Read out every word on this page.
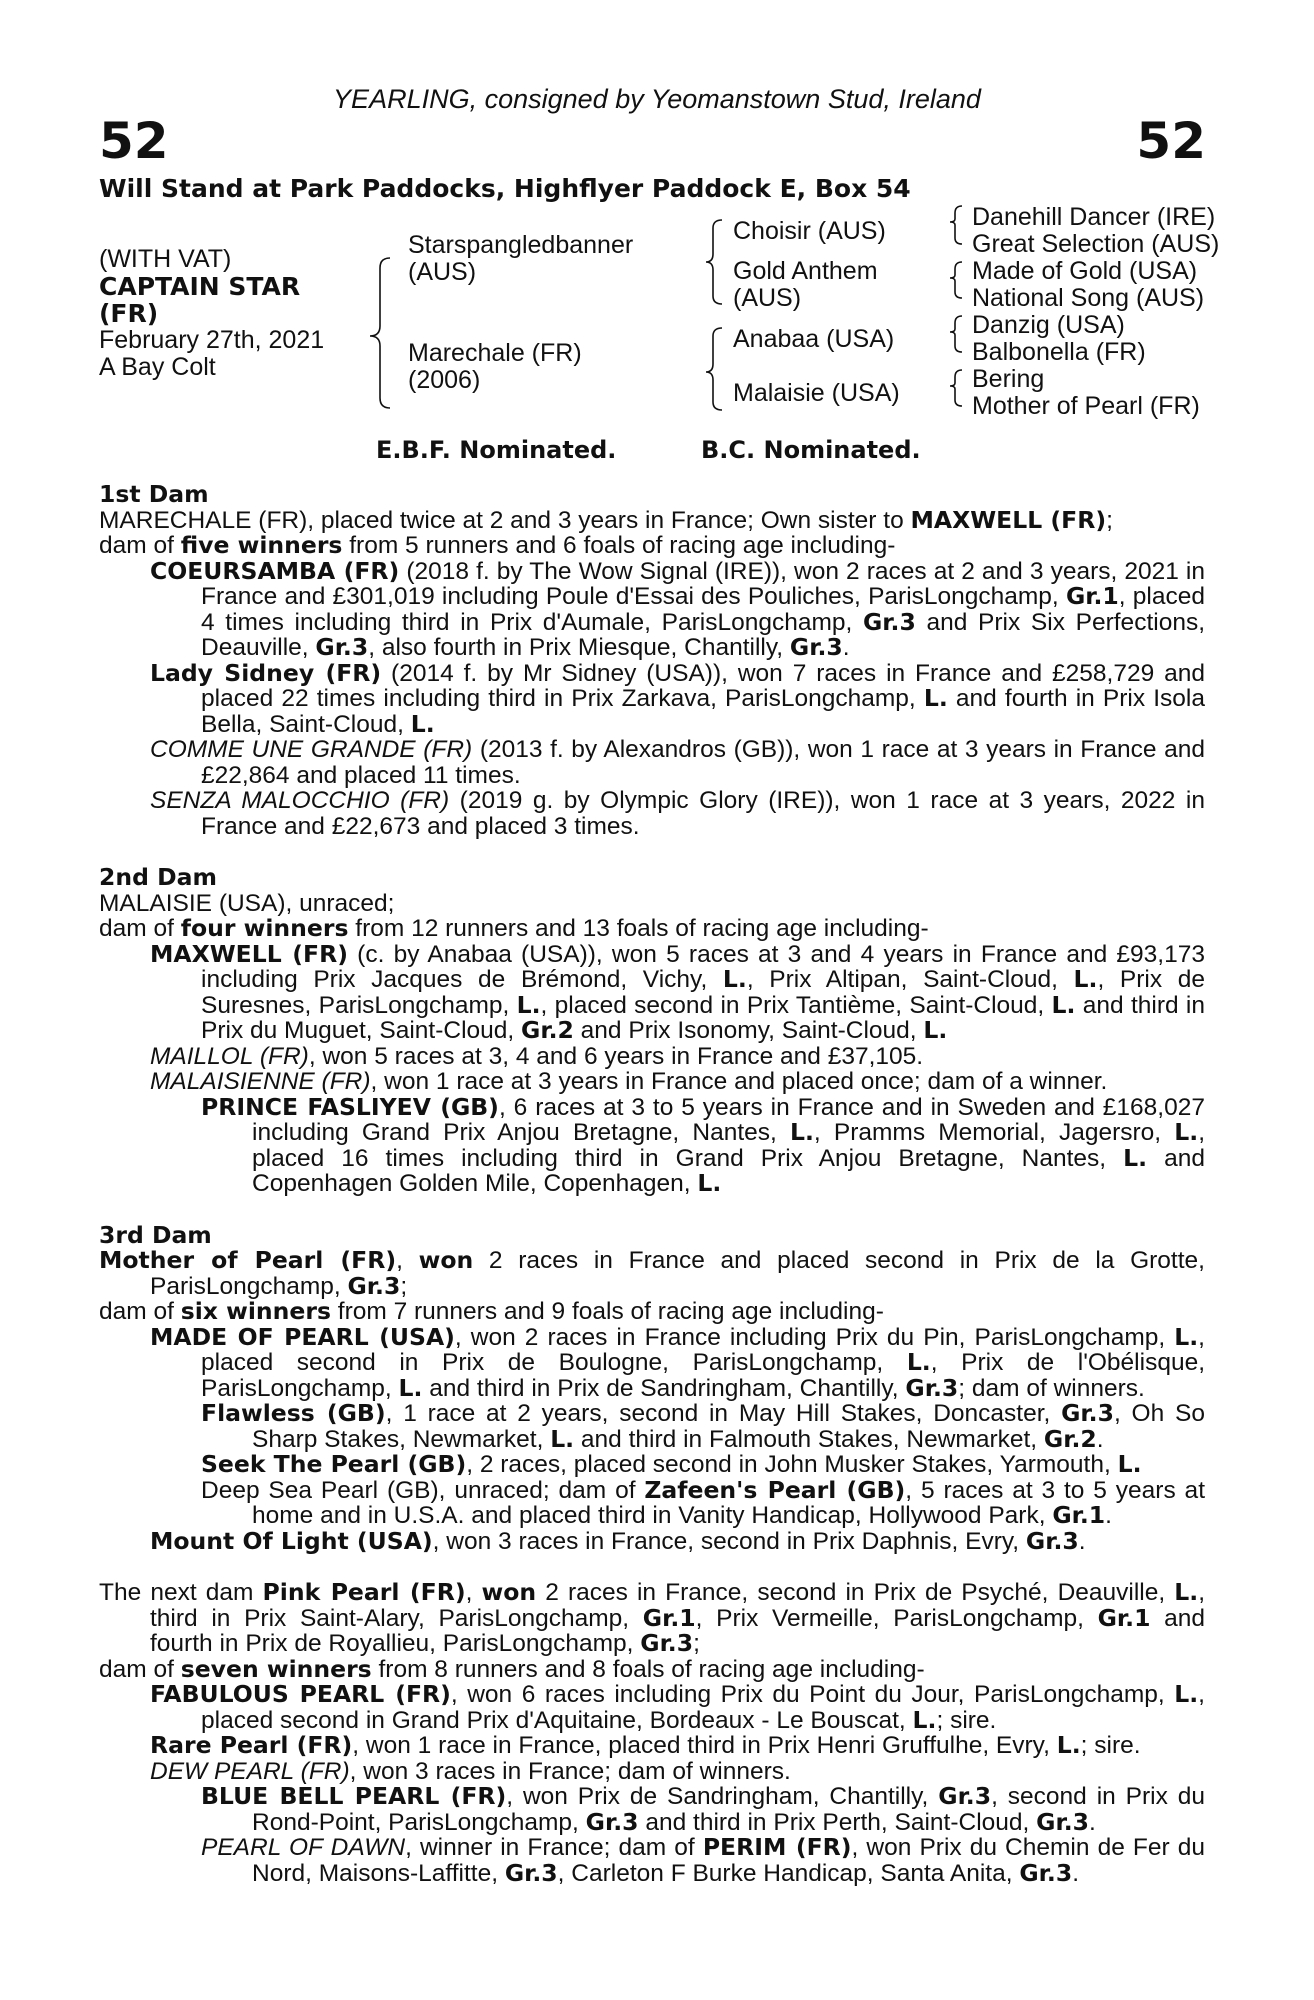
YEARLING, consigned by Yeomanstown Stud, Ireland
52	52
Will Stand at Park Paddocks, Highflyer Paddock E, Box 54
(WITH VAT)
CAPTAIN STAR
(FR)
February 27th, 2021
A Bay Colt
Starspangledbanner
(AUS)
Marechale (FR)
(2006)
Choisir (AUS)
Gold Anthem
(AUS)
Anabaa (USA)
Malaisie (USA)
Danehill Dancer (IRE)
Great Selection (AUS)
Made of Gold (USA)
National Song (AUS)
Danzig (USA)
Balbonella (FR)
Bering
Mother of Pearl (FR)
E.B.F. Nominated.	B.C. Nominated.
1st Dam

MARECHALE (FR), placed twice at 2 and 3 years in France; Own sister to MAXWELL (FR);

dam of five winners from 5 runners and 6 foals of racing age including-

COEURSAMBA (FR) (2018 f. by The Wow Signal (IRE)), won 2 races at 2 and 3 years, 2021 in France and £301,019 including Poule d'Essai des Pouliches, ParisLongchamp, Gr.1, placed 4 times including third in Prix d'Aumale, ParisLongchamp, Gr.3 and Prix Six Perfections, Deauville, Gr.3, also fourth in Prix Miesque, Chantilly, Gr.3.

Lady Sidney (FR) (2014 f. by Mr Sidney (USA)), won 7 races in France and £258,729 and placed 22 times including third in Prix Zarkava, ParisLongchamp, L. and fourth in Prix Isola Bella, Saint-Cloud, L.

COMME UNE GRANDE (FR) (2013 f. by Alexandros (GB)), won 1 race at 3 years in France and £22,864 and placed 11 times.

SENZA MALOCCHIO (FR) (2019 g. by Olympic Glory (IRE)), won 1 race at 3 years, 2022 in France and £22,673 and placed 3 times.

2nd Dam

MALAISIE (USA), unraced;

dam of four winners from 12 runners and 13 foals of racing age including-

MAXWELL (FR) (c. by Anabaa (USA)), won 5 races at 3 and 4 years in France and £93,173 including Prix Jacques de Brémond, Vichy, L., Prix Altipan, Saint-Cloud, L., Prix de Suresnes, ParisLongchamp, L., placed second in Prix Tantième, Saint-Cloud, L. and third in Prix du Muguet, Saint-Cloud, Gr.2 and Prix Isonomy, Saint-Cloud, L.

MAILLOL (FR), won 5 races at 3, 4 and 6 years in France and £37,105.

MALAISIENNE (FR), won 1 race at 3 years in France and placed once; dam of a winner.

PRINCE FASLIYEV (GB), 6 races at 3 to 5 years in France and in Sweden and £168,027 including Grand Prix Anjou Bretagne, Nantes, L., Pramms Memorial, Jagersro, L., placed 16 times including third in Grand Prix Anjou Bretagne, Nantes, L. and Copenhagen Golden Mile, Copenhagen, L.

3rd Dam

Mother of Pearl (FR), won 2 races in France and placed second in Prix de la Grotte, ParisLongchamp, Gr.3;

dam of six winners from 7 runners and 9 foals of racing age including-

MADE OF PEARL (USA), won 2 races in France including Prix du Pin, ParisLongchamp, L., placed second in Prix de Boulogne, ParisLongchamp, L., Prix de l'Obélisque, ParisLongchamp, L. and third in Prix de Sandringham, Chantilly, Gr.3; dam of winners.

Flawless (GB), 1 race at 2 years, second in May Hill Stakes, Doncaster, Gr.3, Oh So Sharp Stakes, Newmarket, L. and third in Falmouth Stakes, Newmarket, Gr.2.

Seek The Pearl (GB), 2 races, placed second in John Musker Stakes, Yarmouth, L.

Deep Sea Pearl (GB), unraced; dam of Zafeen's Pearl (GB), 5 races at 3 to 5 years at home and in U.S.A. and placed third in Vanity Handicap, Hollywood Park, Gr.1.

Mount Of Light (USA), won 3 races in France, second in Prix Daphnis, Evry, Gr.3.

The next dam Pink Pearl (FR), won 2 races in France, second in Prix de Psyché, Deauville, L., third in Prix Saint-Alary, ParisLongchamp, Gr.1, Prix Vermeille, ParisLongchamp, Gr.1 and fourth in Prix de Royallieu, ParisLongchamp, Gr.3;

dam of seven winners from 8 runners and 8 foals of racing age including-

FABULOUS PEARL (FR), won 6 races including Prix du Point du Jour, ParisLongchamp, L., placed second in Grand Prix d'Aquitaine, Bordeaux - Le Bouscat, L.; sire.

Rare Pearl (FR), won 1 race in France, placed third in Prix Henri Gruffulhe, Evry, L.; sire.

DEW PEARL (FR), won 3 races in France; dam of winners.

BLUE BELL PEARL (FR), won Prix de Sandringham, Chantilly, Gr.3, second in Prix du Rond-Point, ParisLongchamp, Gr.3 and third in Prix Perth, Saint-Cloud, Gr.3.

PEARL OF DAWN, winner in France; dam of PERIM (FR), won Prix du Chemin de Fer du Nord, Maisons-Laffitte, Gr.3, Carleton F Burke Handicap, Santa Anita, Gr.3.
